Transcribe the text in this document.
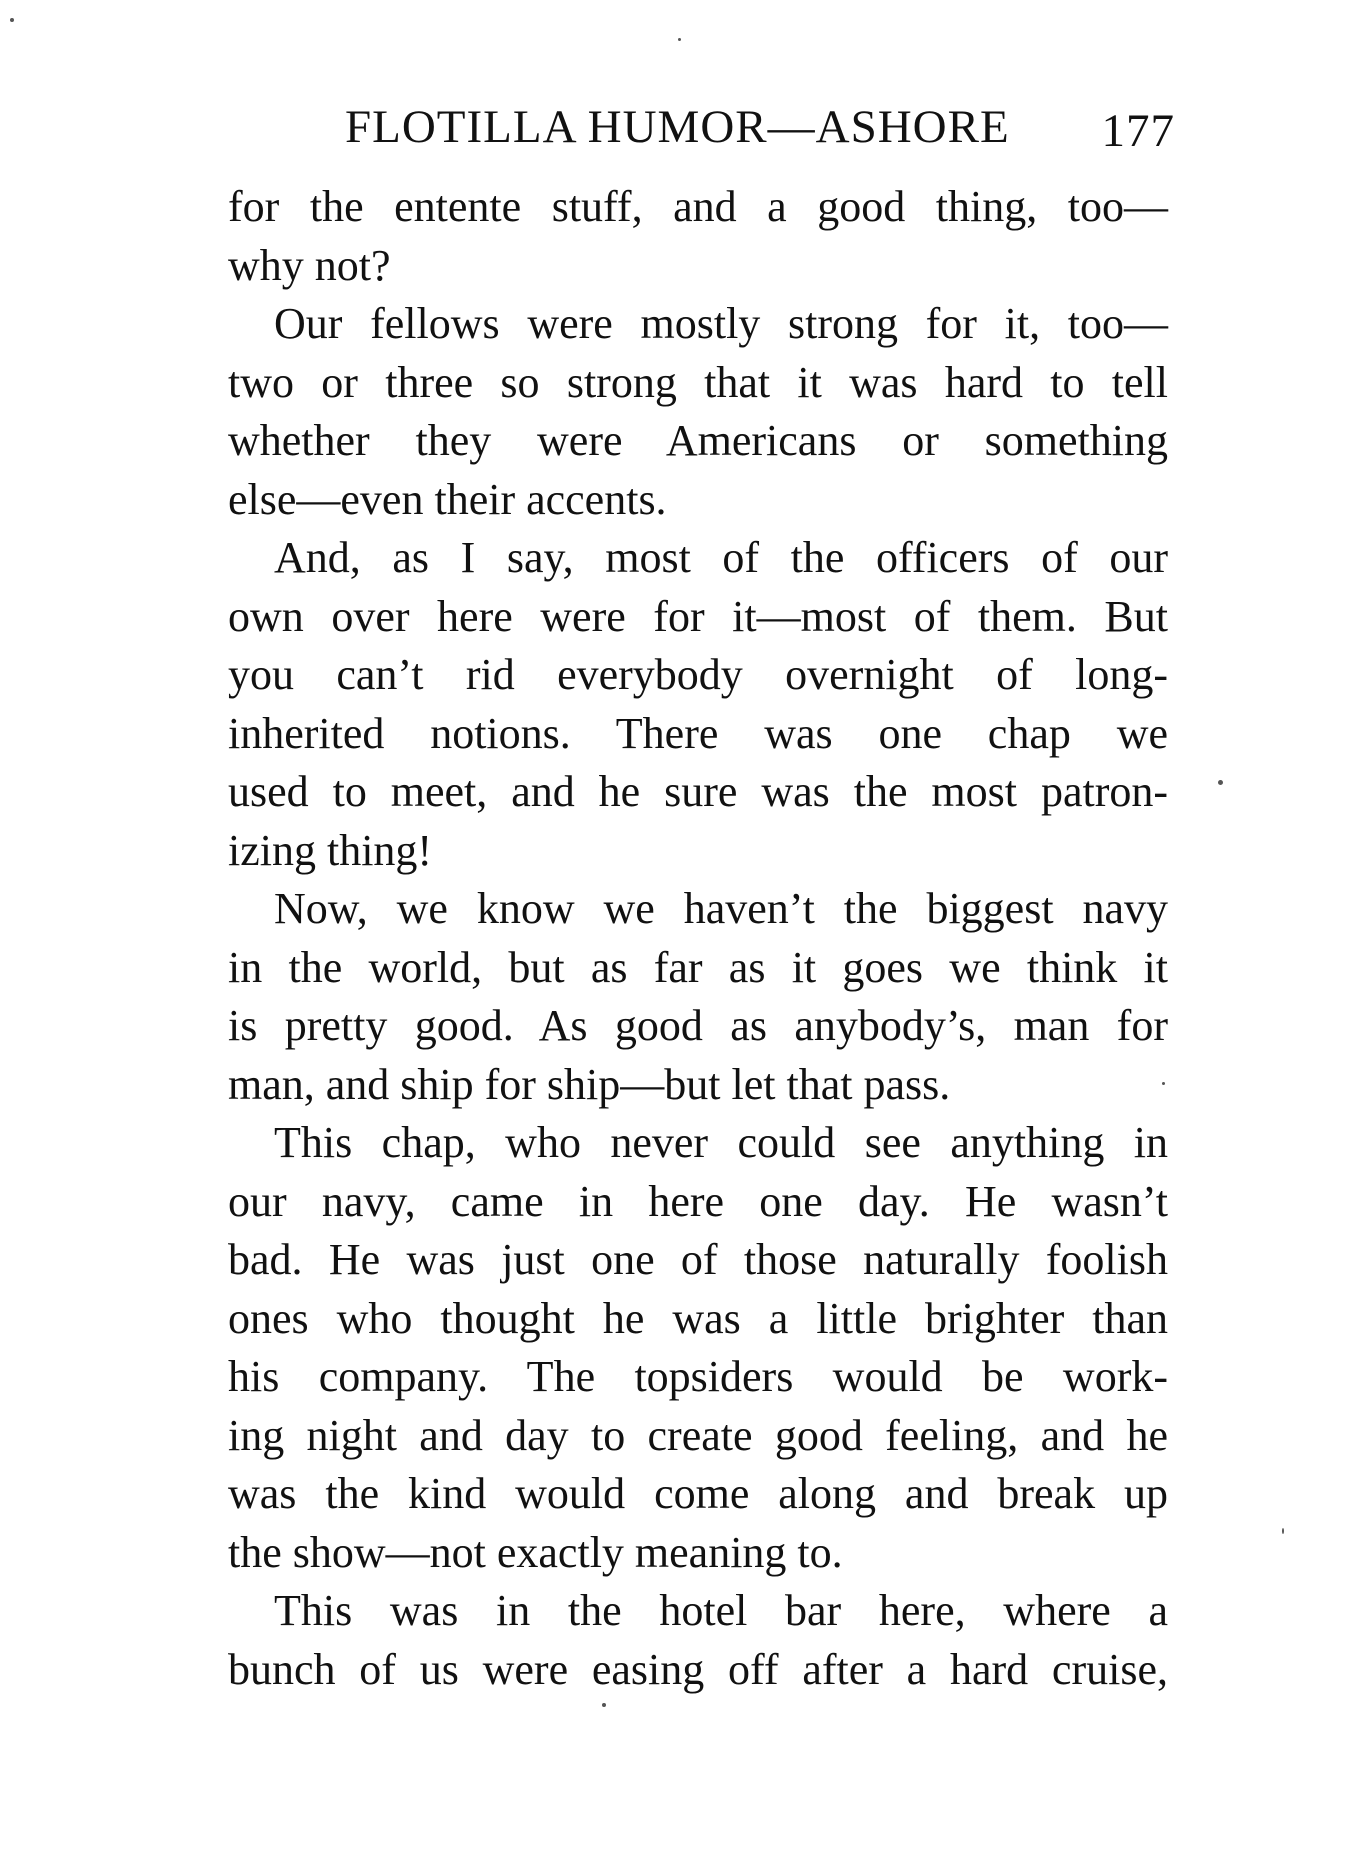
FLOTILLA HUMOR—ASHORE 177
for the entente stuff, and a good thing, too—
why not?
Our fellows were mostly strong for it, too—
two or three so strong that it was hard to tell
whether they were Americans or something
else—even their accents.
And, as I say, most of the officers of our
own over here were for it—most of them. But
you can’t rid everybody overnight of long-
inherited notions. There was one chap we
used to meet, and he sure was the most patron-
izing thing!
Now, we know we haven’t the biggest navy
in the world, but as far as it goes we think it
is pretty good. As good as anybody’s, man for
man, and ship for ship—but let that pass.
This chap, who never could see anything in
our navy, came in here one day. He wasn’t
bad. He was just one of those naturally foolish
ones who thought he was a little brighter than
his company. The topsiders would be work-
ing night and day to create good feeling, and he
was the kind would come along and break up
the show—not exactly meaning to.
This was in the hotel bar here, where a
bunch of us were easing off after a hard cruise,
